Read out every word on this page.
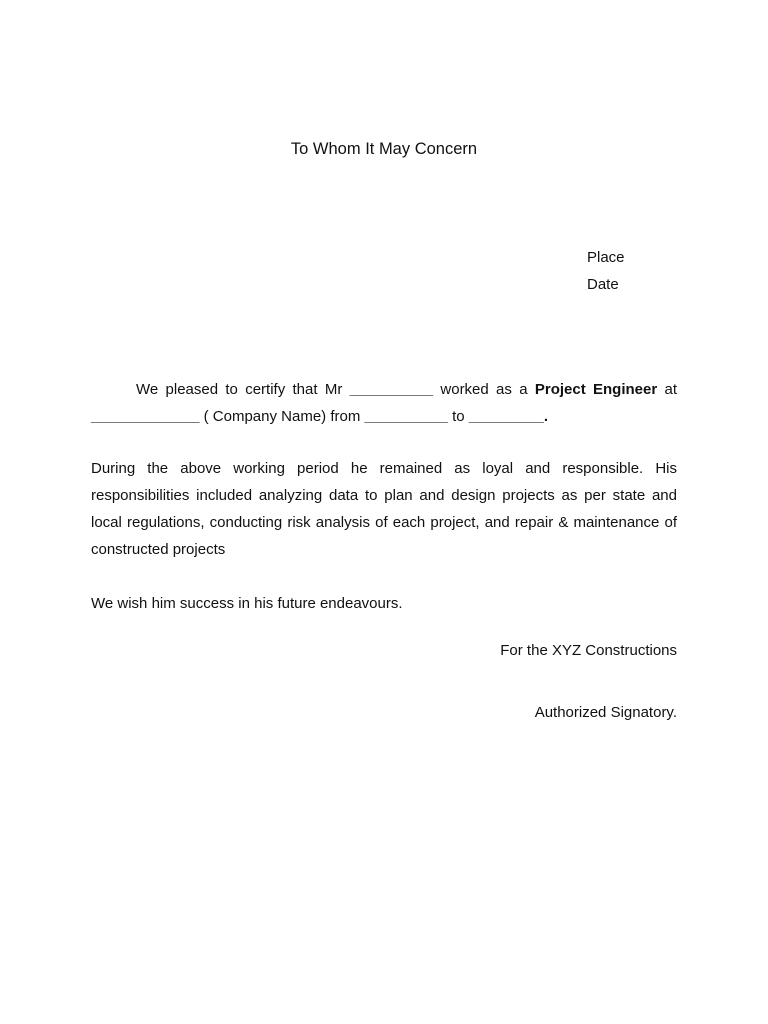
To Whom It May Concern
Place
Date
We pleased to certify that Mr __________ worked as a Project Engineer at
_____________ ( Company Name) from __________ to _________.
During the above working period he remained as loyal and responsible. His responsibilities included analyzing data to plan and design projects as per state and local regulations, conducting risk analysis of each project, and repair & maintenance of constructed projects
We wish him success in his future endeavours.
For the XYZ Constructions
Authorized Signatory.
